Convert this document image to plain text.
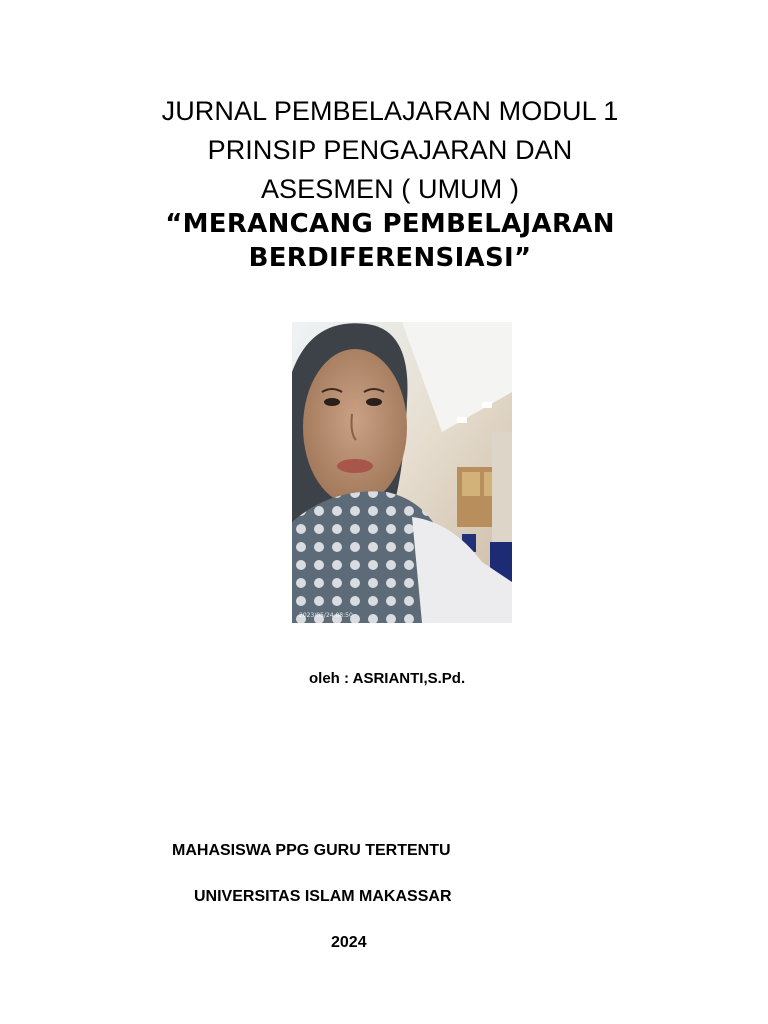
JURNAL PEMBELAJARAN MODUL 1
PRINSIP PENGAJARAN DAN
ASESMEN ( UMUM )
“MERANCANG PEMBELAJARAN
BERDIFERENSIASI”
2023/05/24 08:50
oleh : ASRIANTI,S.Pd.
MAHASISWA PPG GURU TERTENTU
UNIVERSITAS ISLAM MAKASSAR
2024
